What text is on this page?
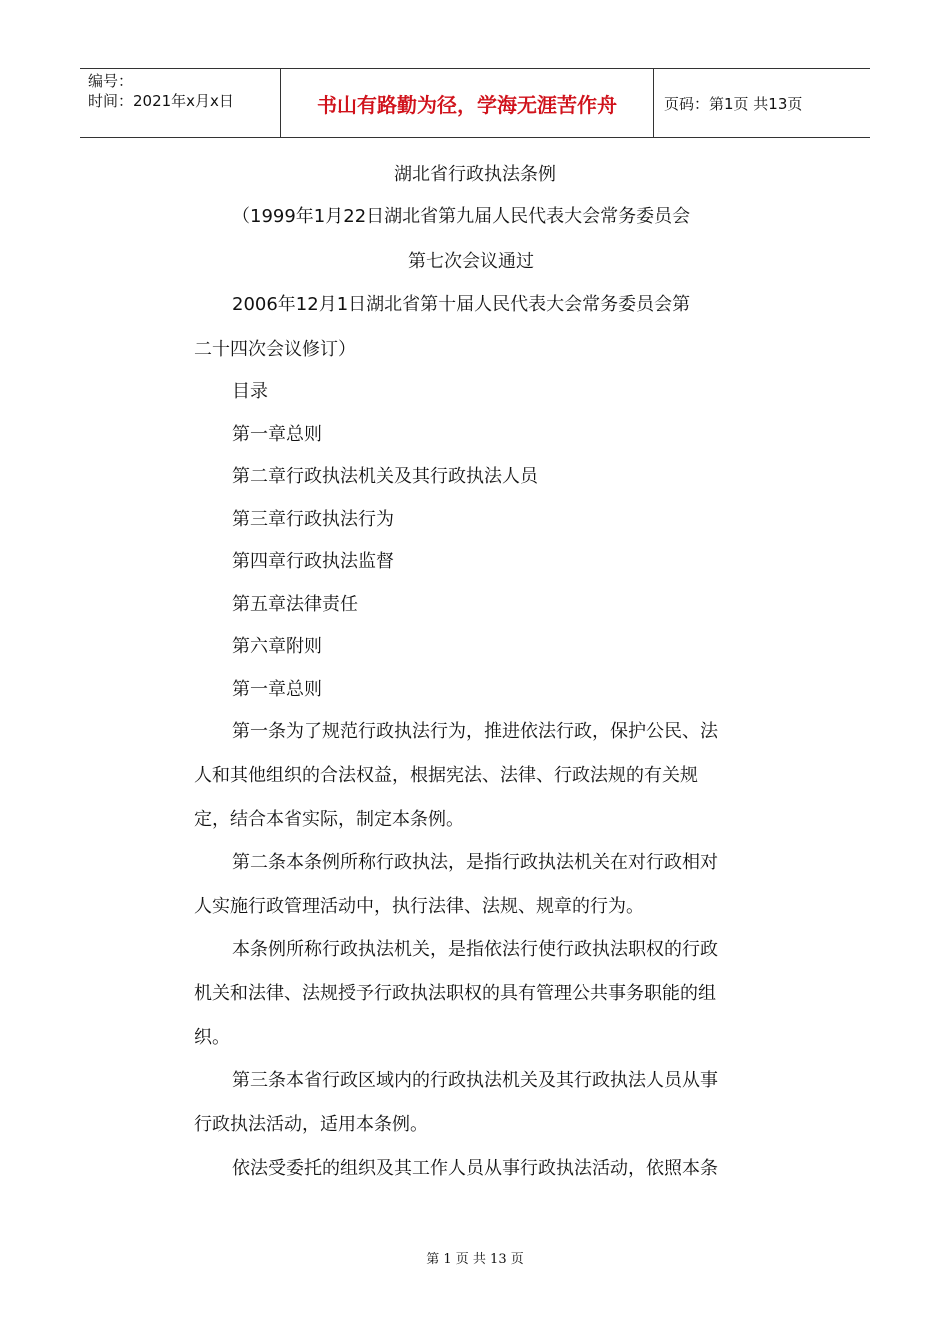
编号：
时间：2021年x月x日	书山有路勤为径，学海无涯苦作舟	页码：第1页 共13页
湖北省行政执法条例
（1999年1月22日湖北省第九届人民代表大会常务委员会
第七次会议通过
2006年12月1日湖北省第十届人民代表大会常务委员会第
二十四次会议修订）
目录
第一章总则
第二章行政执法机关及其行政执法人员
第三章行政执法行为
第四章行政执法监督
第五章法律责任
第六章附则
第一章总则
第一条为了规范行政执法行为，推进依法行政，保护公民、法
人和其他组织的合法权益，根据宪法、法律、行政法规的有关规
定，结合本省实际，制定本条例。
第二条本条例所称行政执法，是指行政执法机关在对行政相对
人实施行政管理活动中，执行法律、法规、规章的行为。
本条例所称行政执法机关，是指依法行使行政执法职权的行政
机关和法律、法规授予行政执法职权的具有管理公共事务职能的组
织。
第三条本省行政区域内的行政执法机关及其行政执法人员从事
行政执法活动，适用本条例。
依法受委托的组织及其工作人员从事行政执法活动，依照本条
第 1 页 共 13 页
